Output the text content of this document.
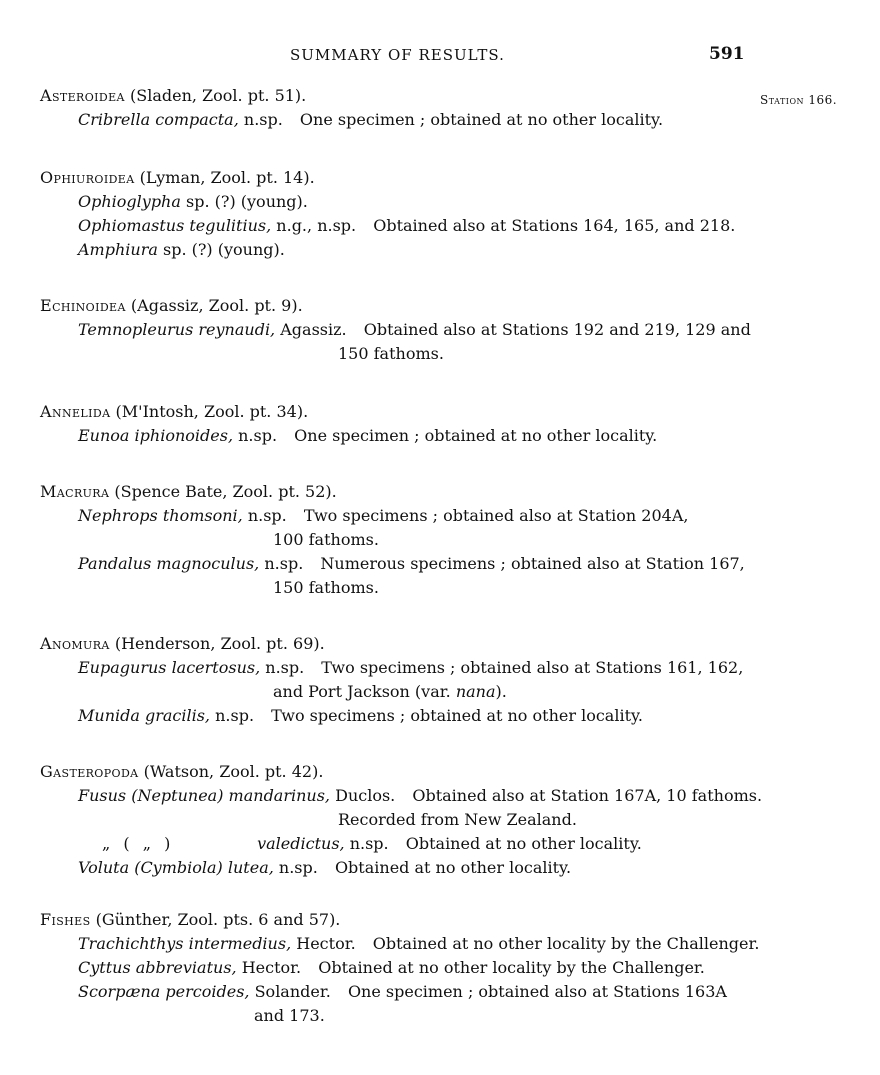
SUMMARY OF RESULTS.	591
Station 166.
Asteroidea (Sladen, Zool. pt. 51).
Cribrella compacta, n.sp. One specimen ; obtained at no other locality.
Ophiuroidea (Lyman, Zool. pt. 14).
Ophioglypha sp. (?) (young).
Ophiomastus tegulitius, n.g., n.sp. Obtained also at Stations 164, 165, and 218.
Amphiura sp. (?) (young).
Echinoidea (Agassiz, Zool. pt. 9).
Temnopleurus reynaudi, Agassiz. Obtained also at Stations 192 and 219, 129 and
150 fathoms.
Annelida (M'Intosh, Zool. pt. 34).
Eunoa iphionoides, n.sp. One specimen ; obtained at no other locality.
Macrura (Spence Bate, Zool. pt. 52).
Nephrops thomsoni, n.sp. Two specimens ; obtained also at Station 204A,
100 fathoms.
Pandalus magnoculus, n.sp. Numerous specimens ; obtained also at Station 167,
150 fathoms.
Anomura (Henderson, Zool. pt. 69).
Eupagurus lacertosus, n.sp. Two specimens ; obtained also at Stations 161, 162,
and Port Jackson (var. nana).
Munida gracilis, n.sp. Two specimens ; obtained at no other locality.
Gasteropoda (Watson, Zool. pt. 42).
Fusus (Neptunea) mandarinus, Duclos. Obtained also at Station 167A, 10 fathoms.
Recorded from New Zealand.
„ ( „ )	valedictus, n.sp. Obtained at no other locality.
Voluta (Cymbiola) lutea, n.sp. Obtained at no other locality.
Fishes (Günther, Zool. pts. 6 and 57).
Trachichthys intermedius, Hector. Obtained at no other locality by the Challenger.
Cyttus abbreviatus, Hector. Obtained at no other locality by the Challenger.
Scorpæna percoides, Solander. One specimen ; obtained also at Stations 163A
and 173.
